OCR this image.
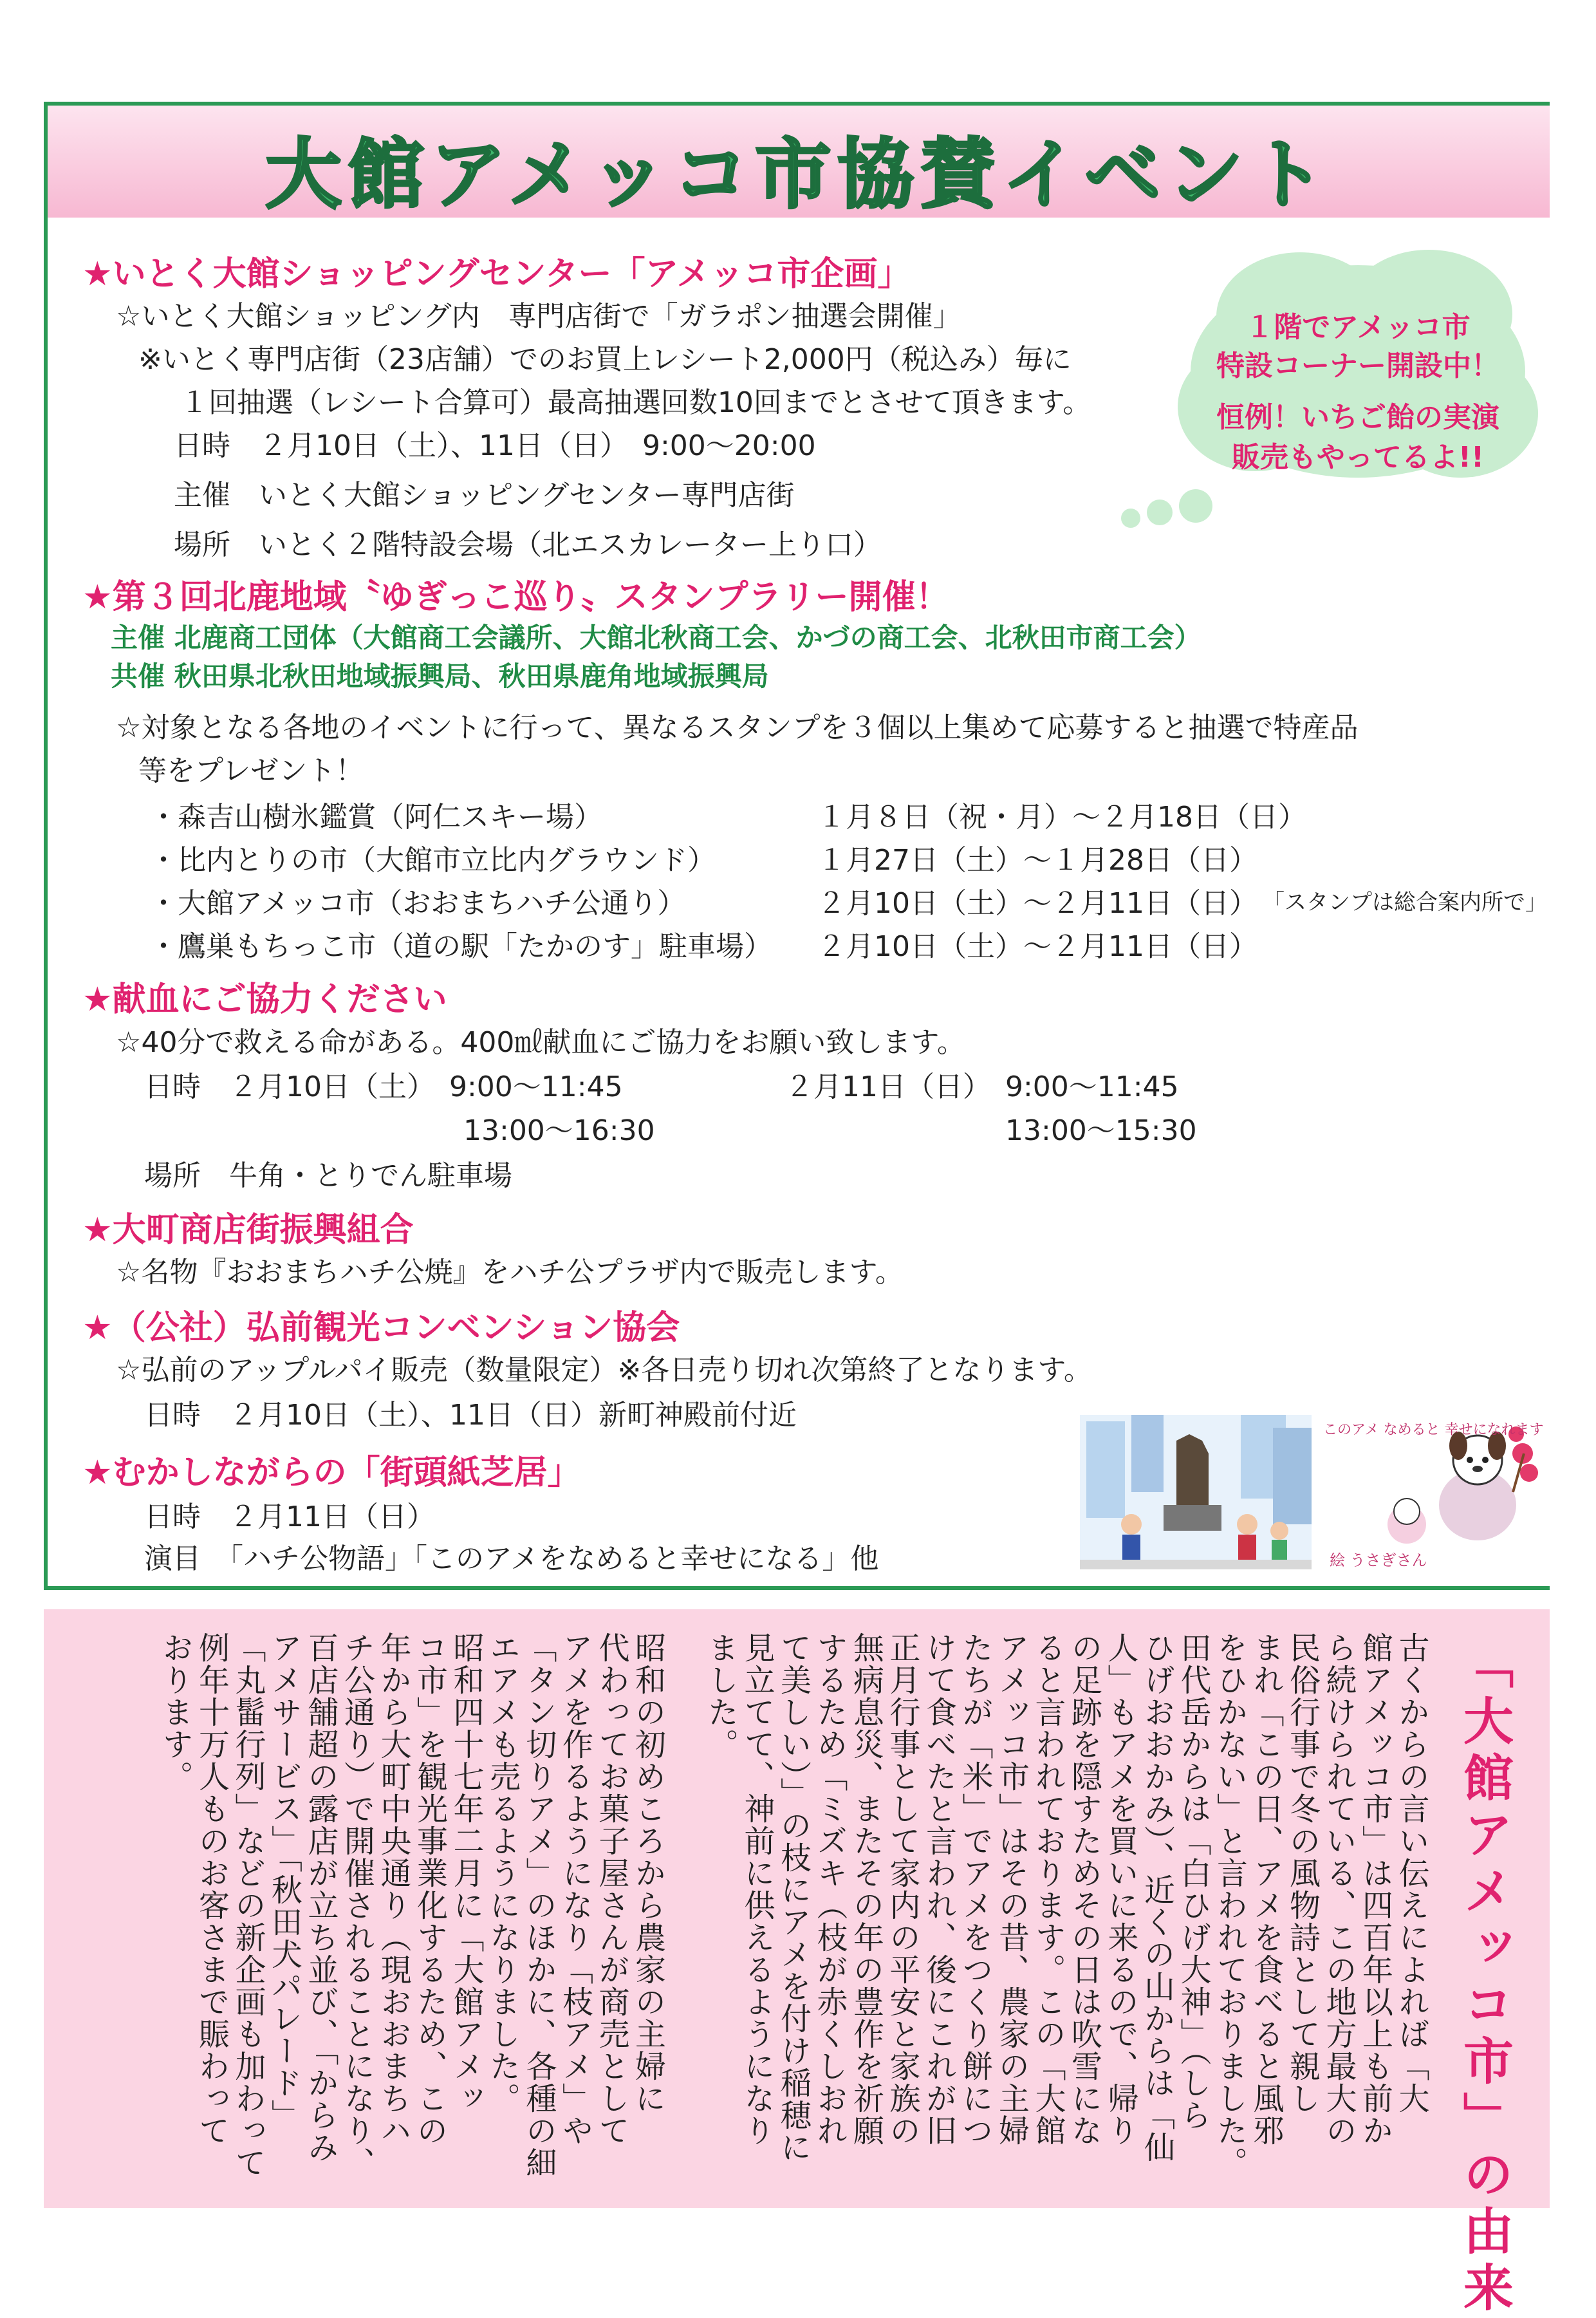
大館アメッコ市協賛イベント
★いとく大館ショッピングセンター「アメッコ市企画」
☆いとく大館ショッピング内　専門店街で「ガラポン抽選会開催」
※いとく専門店街（23店舗）でのお買上レシート2,000円（税込み）毎に
１回抽選（レシート合算可）最高抽選回数10回までとさせて頂きます。
日時　２月10日（土）、11日（日）　9:00～20:00
主催　いとく大館ショッピングセンター専門店街
場所　いとく２階特設会場（北エスカレーター上り口）
１階でアメッコ市
特設コーナー開設中！
恒例！いちご飴の実演
販売もやってるよ!!
★第３回北鹿地域〝ゆぎっこ巡り〟スタンプラリー開催！
主催 北鹿商工団体（大館商工会議所、大館北秋商工会、かづの商工会、北秋田市商工会）
共催 秋田県北秋田地域振興局、秋田県鹿角地域振興局
☆対象となる各地のイベントに行って、異なるスタンプを３個以上集めて応募すると抽選で特産品
等をプレゼント！
・森吉山樹氷鑑賞（阿仁スキー場）	１月８日（祝・月）～２月18日（日）
・比内とりの市（大館市立比内グラウンド）	１月27日（土）～１月28日（日）
・大館アメッコ市（おおまちハチ公通り）	２月10日（土）～２月11日（日） 「スタンプは総合案内所で」
・鷹巣もちっこ市（道の駅「たかのす」駐車場） ２月10日（土）～２月11日（日）
★献血にご協力ください
☆40分で救える命がある。400㎖献血にご協力をお願い致します。
日時　２月10日（土）　9:00～11:45	２月11日（日）　9:00～11:45
13:00～16:30	13:00～15:30
場所　牛角・とりでん駐車場
★大町商店街振興組合
☆名物『おおまちハチ公焼』をハチ公プラザ内で販売します。
★（公社）弘前観光コンベンション協会
☆弘前のアップルパイ販売（数量限定）※各日売り切れ次第終了となります。
日時　２月10日（土）、11日（日）新町神殿前付近
★むかしながらの「街頭紙芝居」
日時　２月11日（日）
演目　「ハチ公物語」「このアメをなめると幸せになる」他
このアメ なめると 幸せになれます
絵 うさぎさん
「大館アメッコ市」の由来
古くからの言い伝えによれば「大
館アメッコ市」は四百年以上も前か
ら続けられている、この地方最大の
民俗行事で冬の風物詩として親し
まれ「この日、アメを食べると風邪
をひかない」と言われておりました。
田代岳からは「白ひげ大神」（しら
ひげおおかみ）、近くの山からは「仙
人」もアメを買いに来るので、帰り
の足跡を隠すためその日は吹雪にな
ると言われております。この「大館
アメッコ市」はその昔、農家の主婦
たちが「米」でアメをつくり餅につ
けて食べたと言われ、後にこれが旧
正月行事として家内の平安と家族の
無病息災、またその年の豊作を祈願
するため「ミズキ（枝が赤くしおれ
て美しい）」の枝にアメを付け稲穂に
見立てて、神前に供えるようになり
ました。
昭和の初めころから農家の主婦に
代わってお菓子屋さんが商売として
アメを作るようになり「枝アメ」や
「タン切りアメ」のほかに、各種の細
エアメも売るようになりました。
昭和四十七年二月に「大館アメッ
コ市」を観光事業化するため、この
年から大町中央通り（現おおまちハ
チ公通り）で開催されることになり、
百店舗超の露店が立ち並び、「からみ
アメサービス」「秋田犬パレード」
「丸髷行列」などの新企画も加わって
例年十万人ものお客さまで賑わって
おります。
